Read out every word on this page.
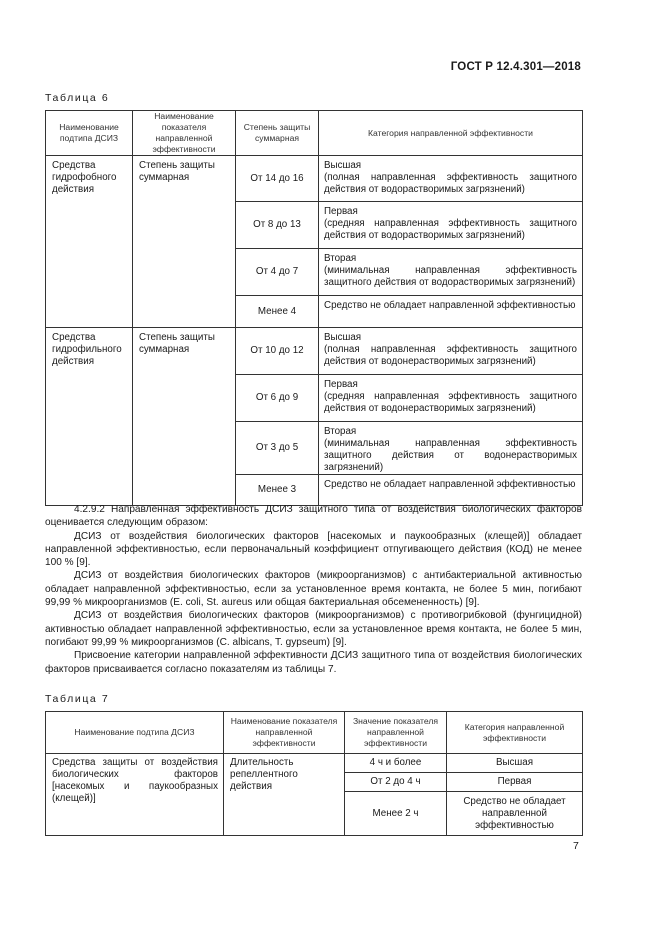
ГОСТ Р 12.4.301—2018
Таблица 6
Наименование подтипа ДСИЗ	Наименование показателя направленной эффективности	Степень защиты суммарная	Категория направленной эффективности
Средства гидрофобного действия	Степень защиты суммарная	От 14 до 16	Высшая
(полная направленная эффективность защитного действия от водорастворимых загрязнений)

		От 8 до 13	Первая
(средняя направленная эффективность защитного действия от водорастворимых загрязнений)

		От 4 до 7	Вторая
(минимальная направленная эффективность защитного действия от водорастворимых загрязнений)

		Менее 4	Средство не обладает направленной эффективностью
Средства гидрофильного действия	Степень защиты суммарная	От 10 до 12	Высшая
(полная направленная эффективность защитного действия от водонерастворимых загрязнений)

		От 6 до 9	Первая
(средняя направленная эффективность защитного действия от водонерастворимых загрязнений)

		От 3 до 5	Вторая
(минимальная направленная эффективность защитного действия от водонерастворимых загрязнений)

		Менее 3	Средство не обладает направленной эффективностью

4.2.9.2 Направленная эффективность ДСИЗ защитного типа от воздействия биологических факторов оценивается следующим образом:

ДСИЗ от воздействия биологических факторов [насекомых и паукообразных (клещей)] обладает направленной эффективностью, если первоначальный коэффициент отпугивающего действия (КОД) не менее 100 % [9].

ДСИЗ от воздействия биологических факторов (микроорганизмов) с антибактериальной активностью обладает направленной эффективностью, если за установленное время контакта, не более 5 мин, погибают 99,99 % микроорганизмов (E. coli, St. aureus или общая бактериальная обсемененность) [9].

ДСИЗ от воздействия биологических факторов (микроорганизмов) с противогрибковой (фунгицидной) активностью обладает направленной эффективностью, если за установленное время контакта, не более 5 мин, погибают 99,99 % микроорганизмов (C. albicans, T. gypseum) [9].

Присвоение категории направленной эффективности ДСИЗ защитного типа от воздействия биологических факторов присваивается согласно показателям из таблицы 7.

Таблица 7
Наименование подтипа ДСИЗ	Наименование показателя направленной эффективности	Значение показателя направленной эффективности	Категория направленной эффективности
Средства защиты от воздействия биологических факторов [насекомых и паукообразных (клещей)]	Длительность репеллентного действия	4 ч и более	Высшая
		От 2 до 4 ч	Первая
		Менее 2 ч	Средство не обладает направленной эффективностью
7
